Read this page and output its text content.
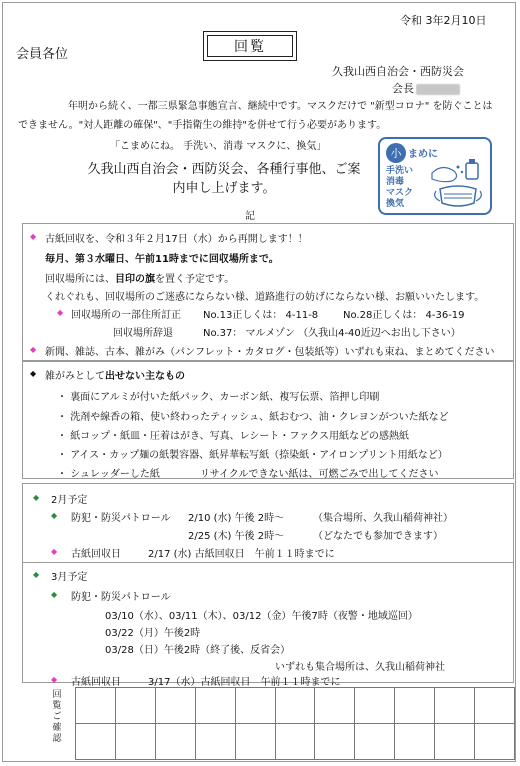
令和 3年2月10日
会員各位	回覧
久我山西自治会・西防災会
会長
　　　　　年明から続く、一都三県緊急事態宣言、継続中です。マスクだけで "新型コロナ" を防ぐことはできません。"対人距離の確保"、"手指衛生の維持"を併せて行う必要があります。
「こまめにね。 手洗い、消毒 マスクに、換気」
久我山西自治会・西防災会、各種行事他、ご案内申し上げます。
小 まめに
手洗い
消毒
マスク
換気
記
◆ 古紙回収を、令和３年２月17日（水）から再開します！！
毎月、第３水曜日、午前11時までに回収場所まで。
回収場所には、目印の旗を置く予定です。
くれぐれも、回収場所のご迷惑にならない様、道路進行の妨げにならない様、お願いいたします。
◆ 回収場所の一部住所訂正 No.13正しくは： 4-11-8 No.28正しくは： 4-36-19
回収場所辞退	No.37： マルメゾン （久我山4-40近辺へお出し下さい）
◆ 新聞、雑誌、古本、雑がみ（パンフレット・カタログ・包装紙等）いずれも束ね、まとめてください
◆ 雑がみとして出せない主なもの
・ 裏面にアルミが付いた紙パック、カーボン紙、複写伝票、箔押し印刷
・ 洗剤や線香の箱、使い終わったティッシュ、紙おむつ、油・クレヨンがついた紙など
・ 紙コップ・紙皿・圧着はがき、写真、レシート・ファクス用紙などの感熱紙
・ アイス・カップ麺の紙製容器、紙昇華転写紙（捺染紙・アイロンプリント用紙など）
・ シュレッダーした紙　　　　リサイクルできない紙は、可燃ごみで出してください
◆ 2月予定
◆ 防犯・防災パトロール 2/10 (水) 午後 2時～	（集合場所、久我山稲荷神社）
2/25 (木) 午後 2時～	（どなたでも参加できます）
◆ 古紙回収日	2/17 (水) 古紙回収日　午前１１時までに
◆ 3月予定
◆ 防犯・防災パトロール
03/10（水）、03/11（木）、03/12（金）午後7時（夜警・地域巡回）
03/22（月）午後2時
03/28（日）午後2時（終了後、反省会）
いずれも集合場所は、久我山稲荷神社
◆ 古紙回収日	3/17（水）古紙回収日　午前１１時までに
回覧ご確認
